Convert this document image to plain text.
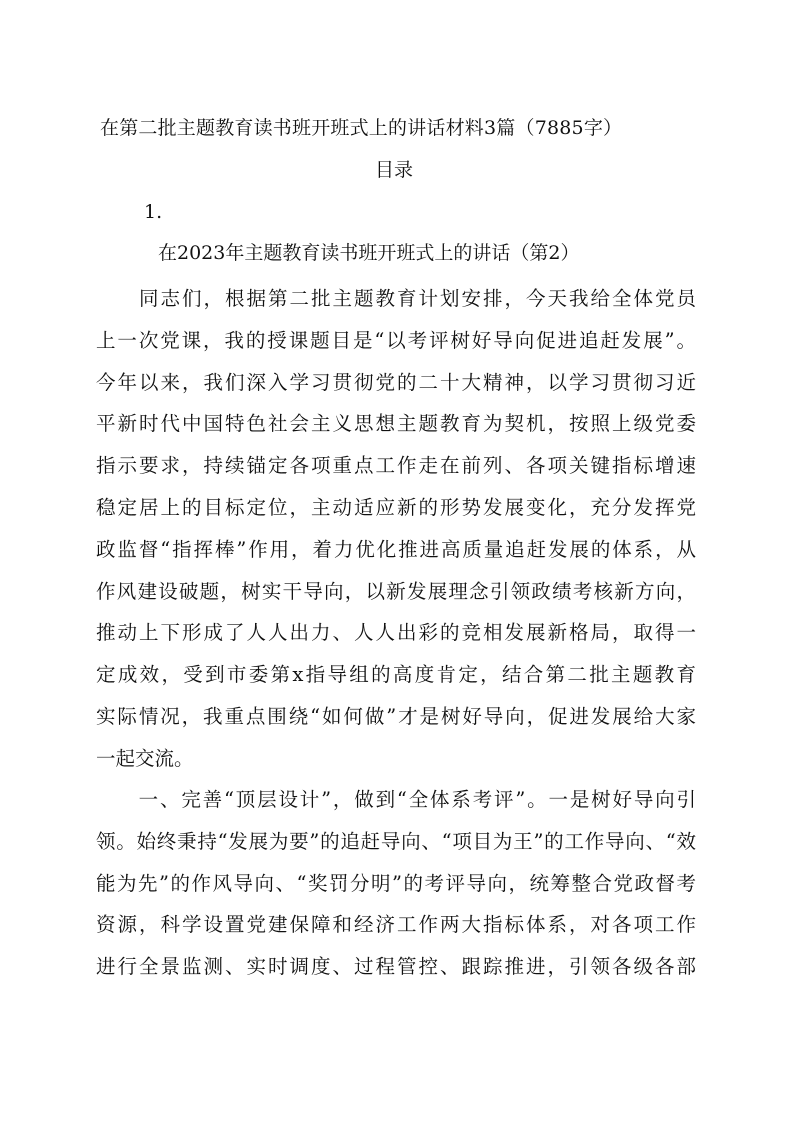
在第二批主题教育读书班开班式上的讲话材料3篇（7885字）
目录
1.
在2023年主题教育读书班开班式上的讲话（第2）
　　同志们，根据第二批主题教育计划安排，今天我给全体党员
上一次党课，我的授课题目是“以考评树好导向促进追赶发展”。
今年以来，我们深入学习贯彻党的二十大精神，以学习贯彻习近
平新时代中国特色社会主义思想主题教育为契机，按照上级党委
指示要求，持续锚定各项重点工作走在前列、各项关键指标增速
稳定居上的目标定位，主动适应新的形势发展变化，充分发挥党
政监督“指挥棒”作用，着力优化推进高质量追赶发展的体系，从
作风建设破题，树实干导向，以新发展理念引领政绩考核新方向，
推动上下形成了人人出力、人人出彩的竞相发展新格局，取得一
定成效，受到市委第x指导组的高度肯定，结合第二批主题教育
实际情况，我重点围绕“如何做”才是树好导向，促进发展给大家
一起交流。
　　一、完善“顶层设计”，做到“全体系考评”。一是树好导向引
领。始终秉持“发展为要”的追赶导向、“项目为王”的工作导向、“效
能为先”的作风导向、“奖罚分明”的考评导向，统筹整合党政督考
资源，科学设置党建保障和经济工作两大指标体系，对各项工作
进行全景监测、实时调度、过程管控、跟踪推进，引领各级各部
